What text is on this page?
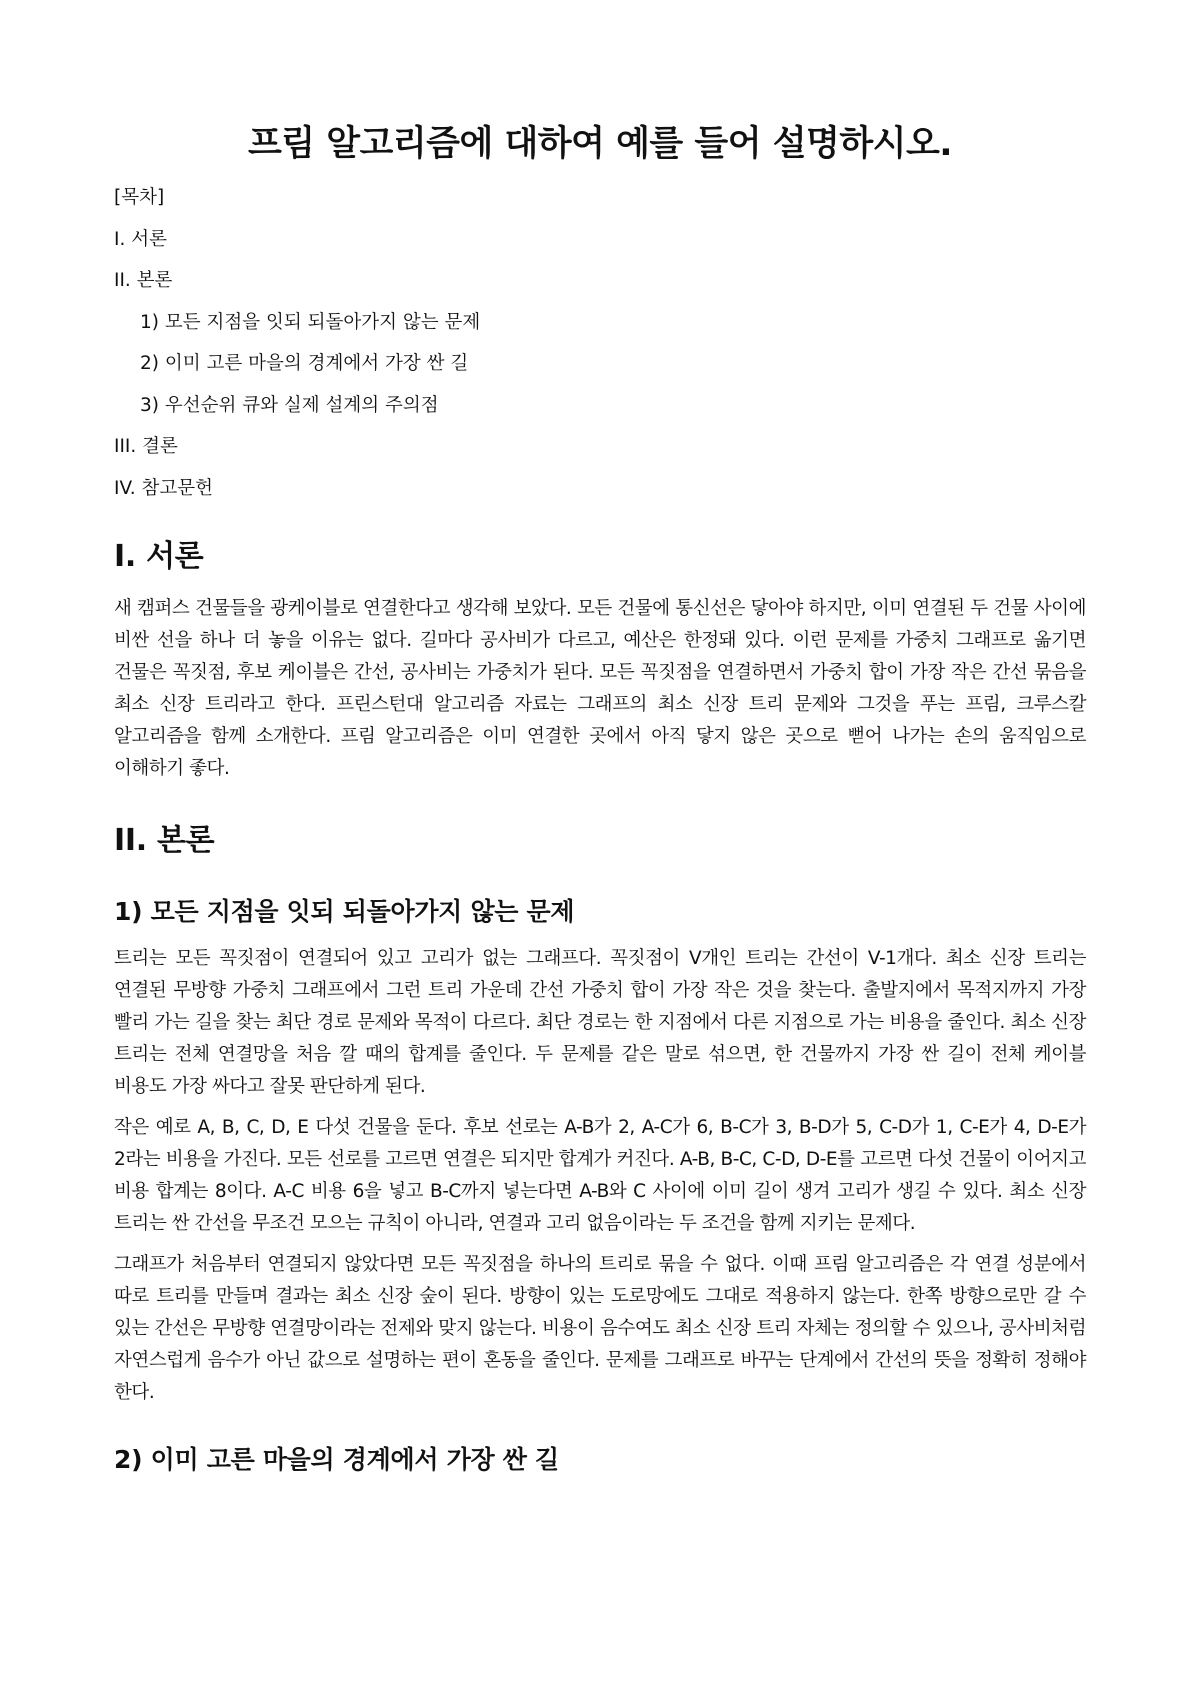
프림 알고리즘에 대하여 예를 들어 설명하시오.
[목차]
I. 서론
II. 본론
1) 모든 지점을 잇되 되돌아가지 않는 문제
2) 이미 고른 마을의 경계에서 가장 싼 길
3) 우선순위 큐와 실제 설계의 주의점
III. 결론
IV. 참고문헌
I. 서론

새 캠퍼스 건물들을 광케이블로 연결한다고 생각해 보았다. 모든 건물에 통신선은 닿아야 하지만, 이미 연결된 두 건물 사이에 비싼 선을 하나 더 놓을 이유는 없다. 길마다 공사비가 다르고, 예산은 한정돼 있다. 이런 문제를 가중치 그래프로 옮기면 건물은 꼭짓점, 후보 케이블은 간선, 공사비는 가중치가 된다. 모든 꼭짓점을 연결하면서 가중치 합이 가장 작은 간선 묶음을 최소 신장 트리라고 한다. 프린스턴대 알고리즘 자료는 그래프의 최소 신장 트리 문제와 그것을 푸는 프림, 크루스칼 알고리즘을 함께 소개한다. 프림 알고리즘은 이미 연결한 곳에서 아직 닿지 않은 곳으로 뻗어 나가는 손의 움직임으로 이해하기 좋다.

II. 본론
1) 모든 지점을 잇되 되돌아가지 않는 문제

트리는 모든 꼭짓점이 연결되어 있고 고리가 없는 그래프다. 꼭짓점이 V개인 트리는 간선이 V-1개다. 최소 신장 트리는 연결된 무방향 가중치 그래프에서 그런 트리 가운데 간선 가중치 합이 가장 작은 것을 찾는다. 출발지에서 목적지까지 가장 빨리 가는 길을 찾는 최단 경로 문제와 목적이 다르다. 최단 경로는 한 지점에서 다른 지점으로 가는 비용을 줄인다. 최소 신장 트리는 전체 연결망을 처음 깔 때의 합계를 줄인다. 두 문제를 같은 말로 섞으면, 한 건물까지 가장 싼 길이 전체 케이블 비용도 가장 싸다고 잘못 판단하게 된다.

작은 예로 A, B, C, D, E 다섯 건물을 둔다. 후보 선로는 A-B가 2, A-C가 6, B-C가 3, B-D가 5, C-D가 1, C-E가 4, D-E가 2라는 비용을 가진다. 모든 선로를 고르면 연결은 되지만 합계가 커진다. A-B, B-C, C-D, D-E를 고르면 다섯 건물이 이어지고 비용 합계는 8이다. A-C 비용 6을 넣고 B-C까지 넣는다면 A-B와 C 사이에 이미 길이 생겨 고리가 생길 수 있다. 최소 신장 트리는 싼 간선을 무조건 모으는 규칙이 아니라, 연결과 고리 없음이라는 두 조건을 함께 지키는 문제다.

그래프가 처음부터 연결되지 않았다면 모든 꼭짓점을 하나의 트리로 묶을 수 없다. 이때 프림 알고리즘은 각 연결 성분에서 따로 트리를 만들며 결과는 최소 신장 숲이 된다. 방향이 있는 도로망에도 그대로 적용하지 않는다. 한쪽 방향으로만 갈 수 있는 간선은 무방향 연결망이라는 전제와 맞지 않는다. 비용이 음수여도 최소 신장 트리 자체는 정의할 수 있으나, 공사비처럼 자연스럽게 음수가 아닌 값으로 설명하는 편이 혼동을 줄인다. 문제를 그래프로 바꾸는 단계에서 간선의 뜻을 정확히 정해야 한다.

2) 이미 고른 마을의 경계에서 가장 싼 길
